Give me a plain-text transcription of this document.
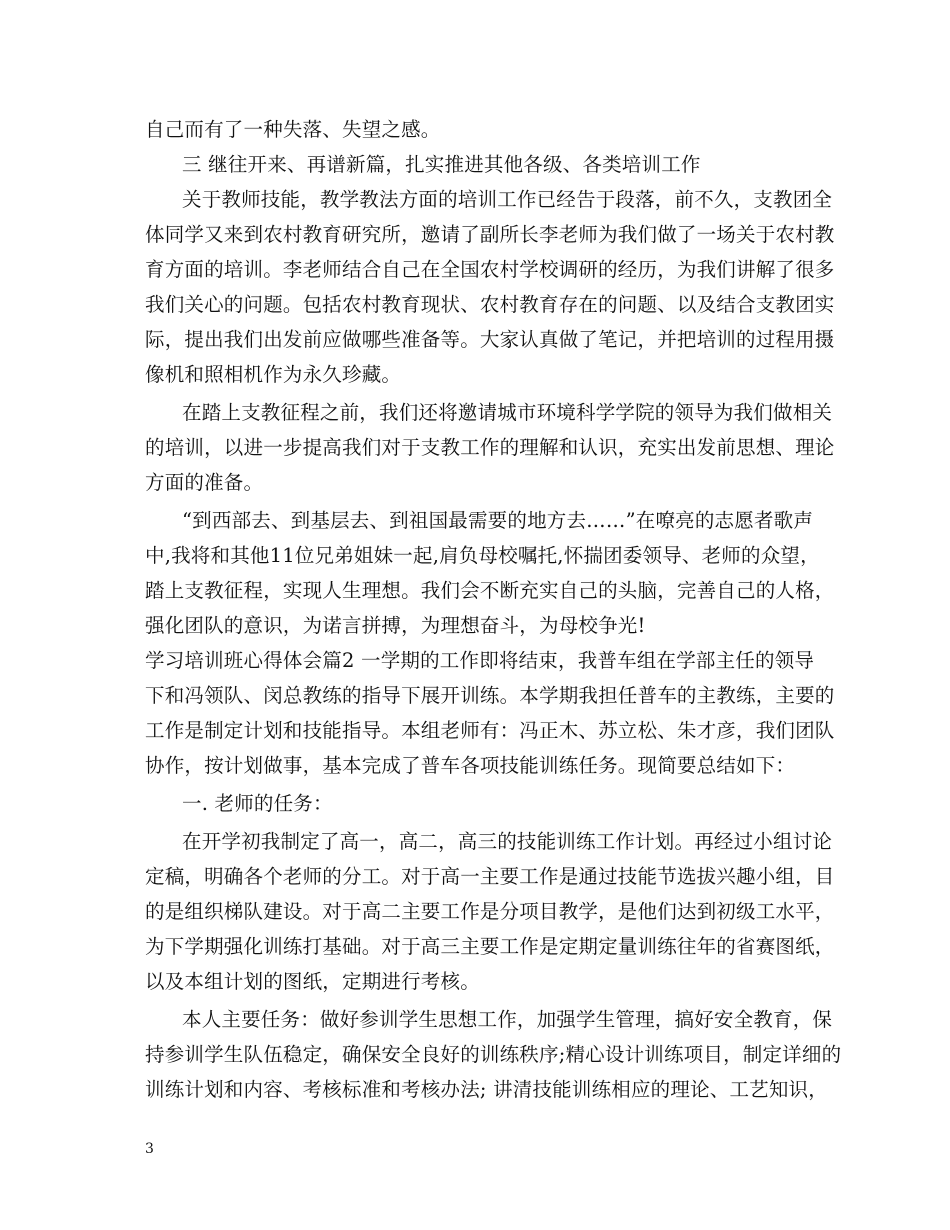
自己而有了一种失落、失望之感。
三 继往开来、再谱新篇，扎实推进其他各级、各类培训工作
关于教师技能，教学教法方面的培训工作已经告于段落，前不久，支教团全
体同学又来到农村教育研究所，邀请了副所长李老师为我们做了一场关于农村教
育方面的培训。李老师结合自己在全国农村学校调研的经历，为我们讲解了很多
我们关心的问题。包括农村教育现状、农村教育存在的问题、以及结合支教团实
际，提出我们出发前应做哪些准备等。大家认真做了笔记，并把培训的过程用摄
像机和照相机作为永久珍藏。
在踏上支教征程之前，我们还将邀请城市环境科学学院的领导为我们做相关
的培训，以进一步提高我们对于支教工作的理解和认识，充实出发前思想、理论
方面的准备。
“到西部去、到基层去、到祖国最需要的地方去……”在嘹亮的志愿者歌声
中,我将和其他11位兄弟姐妹一起,肩负母校嘱托,怀揣团委领导、老师的众望，
踏上支教征程，实现人生理想。我们会不断充实自己的头脑，完善自己的人格，
强化团队的意识，为诺言拼搏，为理想奋斗，为母校争光!
学习培训班心得体会篇2 一学期的工作即将结束，我普车组在学部主任的领导
下和冯领队、闵总教练的指导下展开训练。本学期我担任普车的主教练，主要的
工作是制定计划和技能指导。本组老师有：冯正木、苏立松、朱才彦，我们团队
协作，按计划做事，基本完成了普车各项技能训练任务。现简要总结如下：
一. 老师的任务：
在开学初我制定了高一，高二，高三的技能训练工作计划。再经过小组讨论
定稿，明确各个老师的分工。对于高一主要工作是通过技能节选拔兴趣小组，目
的是组织梯队建设。对于高二主要工作是分项目教学，是他们达到初级工水平，
为下学期强化训练打基础。对于高三主要工作是定期定量训练往年的省赛图纸，
以及本组计划的图纸，定期进行考核。
本人主要任务：做好参训学生思想工作，加强学生管理，搞好安全教育，保
持参训学生队伍稳定，确保安全良好的训练秩序;精心设计训练项目，制定详细的
训练计划和内容、考核标准和考核办法; 讲清技能训练相应的理论、工艺知识，
3
